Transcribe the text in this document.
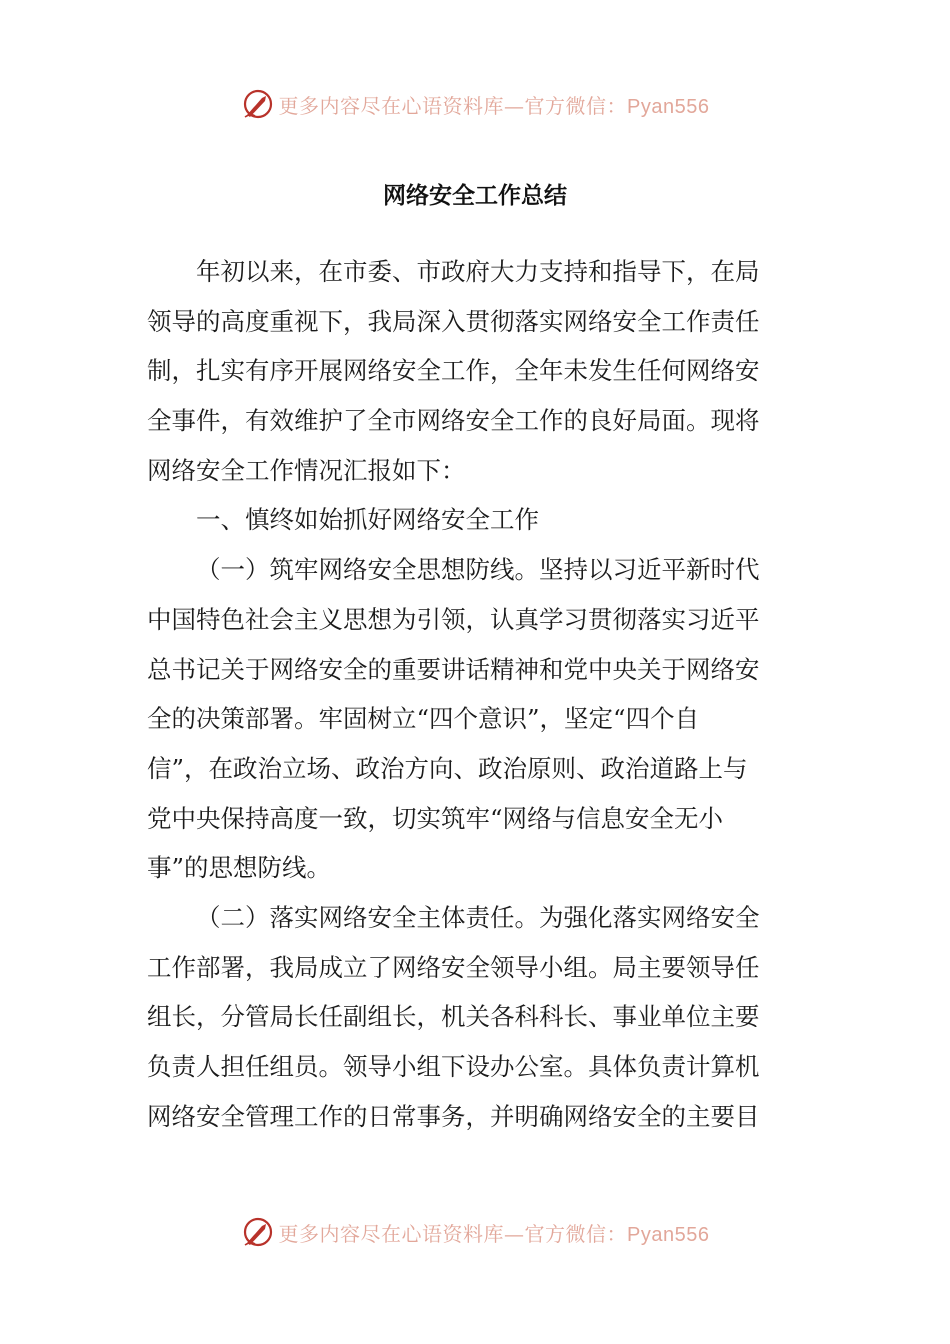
更多内容尽在心语资料库—官方微信：Pyan556
网络安全工作总结
年初以来，在市委、市政府大力支持和指导下，在局
领导的高度重视下，我局深入贯彻落实网络安全工作责任
制，扎实有序开展网络安全工作，全年未发生任何网络安
全事件，有效维护了全市网络安全工作的良好局面。现将
网络安全工作情况汇报如下：
一、慎终如始抓好网络安全工作
（一）筑牢网络安全思想防线。坚持以习近平新时代
中国特色社会主义思想为引领，认真学习贯彻落实习近平
总书记关于网络安全的重要讲话精神和党中央关于网络安
全的决策部署。牢固树立“四个意识”，坚定“四个自
信”，在政治立场、政治方向、政治原则、政治道路上与
党中央保持高度一致，切实筑牢“网络与信息安全无小
事”的思想防线。
（二）落实网络安全主体责任。为强化落实网络安全
工作部署，我局成立了网络安全领导小组。局主要领导任
组长，分管局长任副组长，机关各科科长、事业单位主要
负责人担任组员。领导小组下设办公室。具体负责计算机
网络安全管理工作的日常事务，并明确网络安全的主要目
更多内容尽在心语资料库—官方微信：Pyan556
